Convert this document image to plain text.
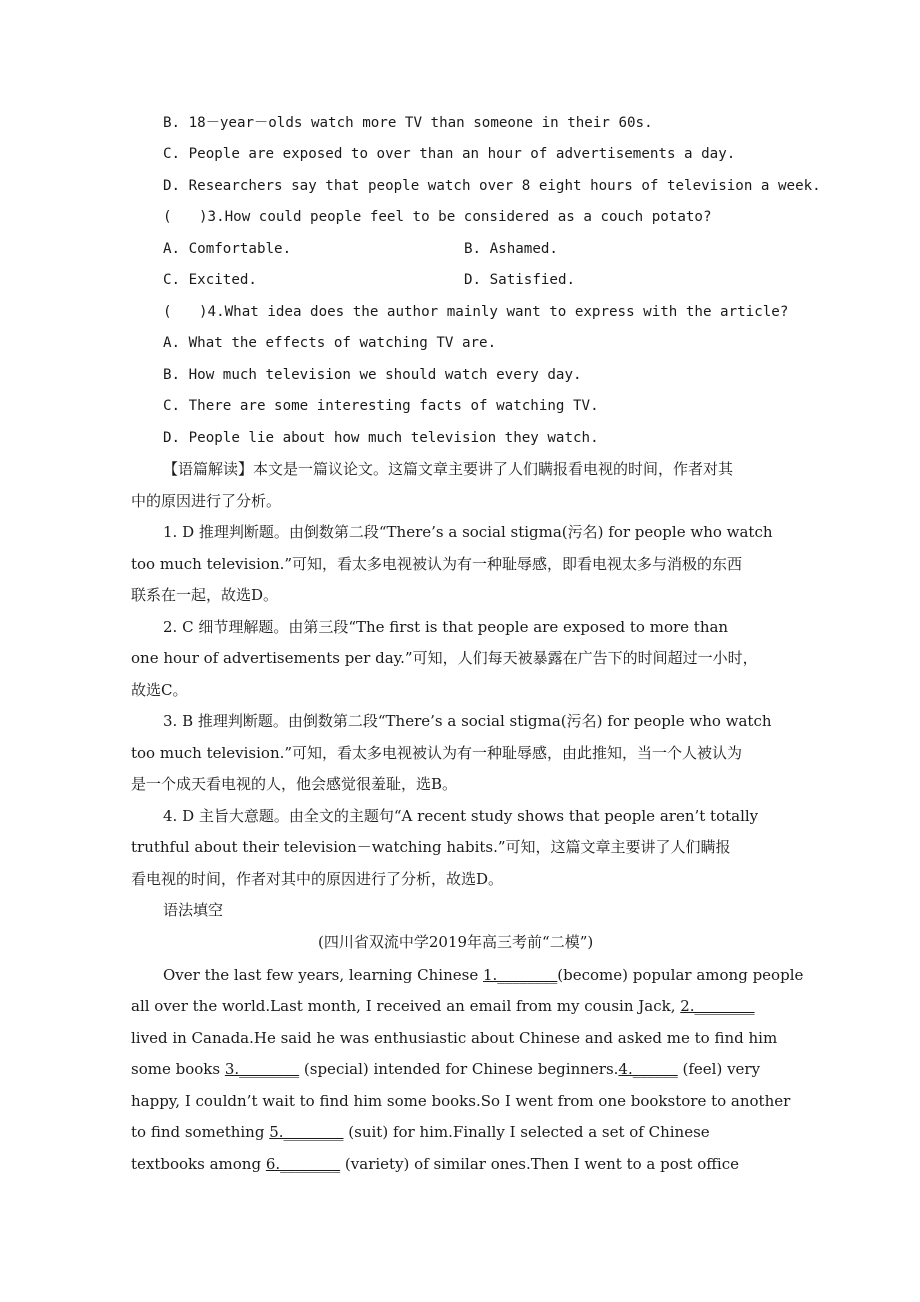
B. 18－year－olds watch more TV than someone in their 60s.
C. People are exposed to over than an hour of advertisements a day.
D. Researchers say that people watch over 8 eight hours of television a week.
( )3.How could people feel to be considered as a couch potato?
A. Comfortable.	B. Ashamed.
C. Excited.	D. Satisfied.
( )4.What idea does the author mainly want to express with the article?
A. What the effects of watching TV are.
B. How much television we should watch every day.
C. There are some interesting facts of watching TV.
D. People lie about how much television they watch.
【语篇解读】本文是一篇议论文。这篇文章主要讲了人们瞒报看电视的时间，作者对其
中的原因进行了分析。
1. D 推理判断题。由倒数第二段“There’s a social stigma(污名) for people who watch
too much television.”可知，看太多电视被认为有一种耻辱感，即看电视太多与消极的东西
联系在一起，故选D。
2. C 细节理解题。由第三段“The first is that people are exposed to more than
one hour of advertisements per day.”可知，人们每天被暴露在广告下的时间超过一小时，
故选C。
3. B 推理判断题。由倒数第二段“There’s a social stigma(污名) for people who watch
too much television.”可知，看太多电视被认为有一种耻辱感，由此推知，当一个人被认为
是一个成天看电视的人，他会感觉很羞耻，选B。
4. D 主旨大意题。由全文的主题句“A recent study shows that people aren’t totally
truthful about their television－watching habits.”可知，这篇文章主要讲了人们瞒报
看电视的时间，作者对其中的原因进行了分析，故选D。
语法填空
(四川省双流中学2019年高三考前“二模”)
Over the last few years, learning Chinese 1.________(become) popular among people
all over the world.Last month, I received an email from my cousin Jack, 2.________
lived in Canada.He said he was enthusiastic about Chinese and asked me to find him
some books 3.________ (special) intended for Chinese beginners.4.______ (feel) very
happy, I couldn’t wait to find him some books.So I went from one bookstore to another
to find something 5.________ (suit) for him.Finally I selected a set of Chinese
textbooks among 6.________ (variety) of similar ones.Then I went to a post office
